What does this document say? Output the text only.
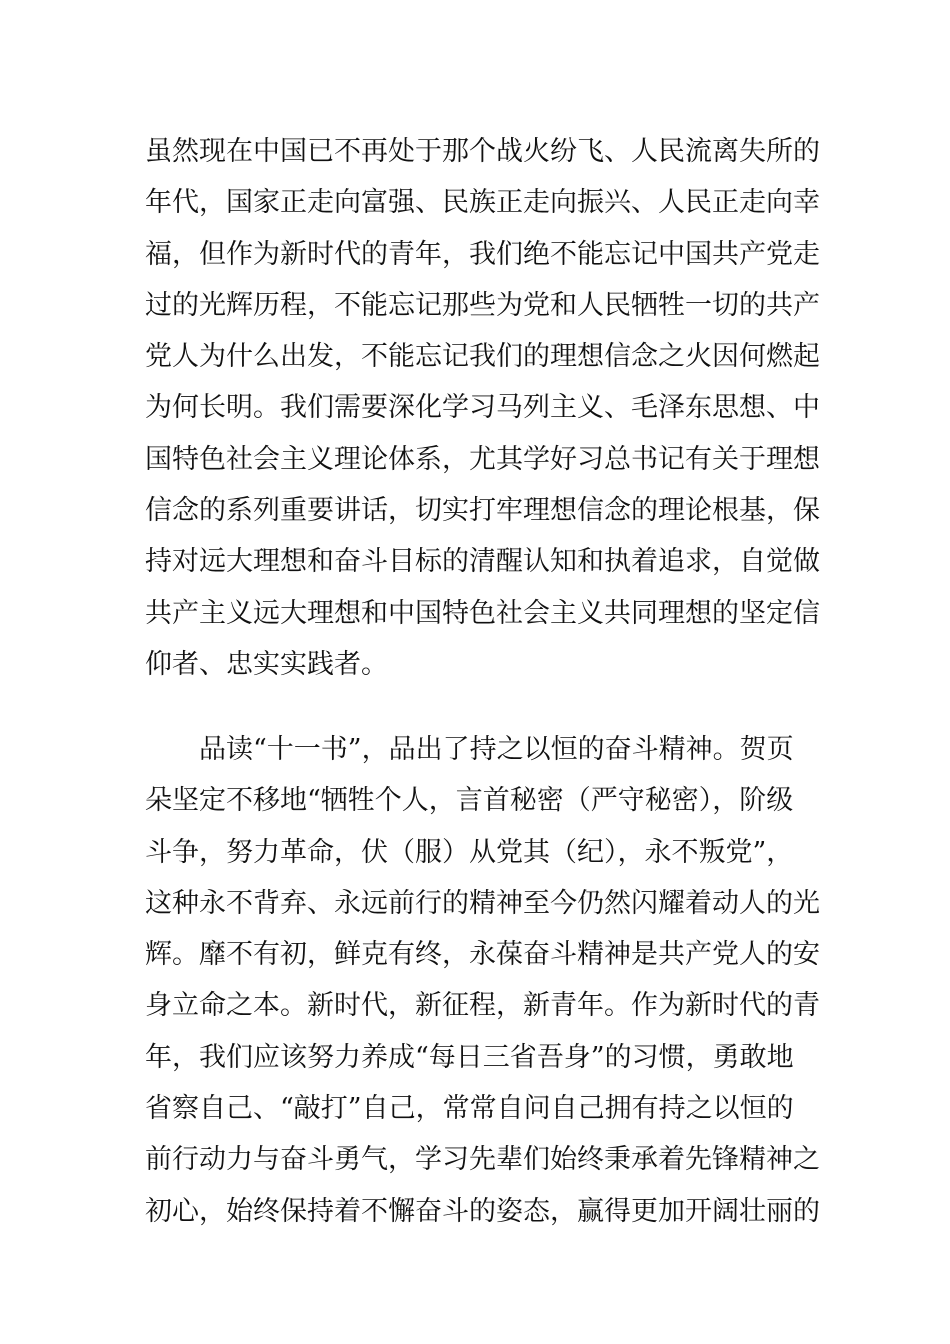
虽然现在中国已不再处于那个战火纷飞、人民流离失所的
年代，国家正走向富强、民族正走向振兴、人民正走向幸
福，但作为新时代的青年，我们绝不能忘记中国共产党走
过的光辉历程，不能忘记那些为党和人民牺牲一切的共产
党人为什么出发，不能忘记我们的理想信念之火因何燃起
为何长明。我们需要深化学习马列主义、毛泽东思想、中
国特色社会主义理论体系，尤其学好习总书记有关于理想
信念的系列重要讲话，切实打牢理想信念的理论根基，保
持对远大理想和奋斗目标的清醒认知和执着追求，自觉做
共产主义远大理想和中国特色社会主义共同理想的坚定信
仰者、忠实实践者。
品读“十一书”，品出了持之以恒的奋斗精神。贺页
朵坚定不移地“牺牲个人，言首秘密（严守秘密），阶级
斗争，努力革命，伏（服）从党其（纪），永不叛党”，
这种永不背弃、永远前行的精神至今仍然闪耀着动人的光
辉。靡不有初，鲜克有终，永葆奋斗精神是共产党人的安
身立命之本。新时代，新征程，新青年。作为新时代的青
年，我们应该努力养成“每日三省吾身”的习惯，勇敢地
省察自己、“敲打”自己，常常自问自己拥有持之以恒的
前行动力与奋斗勇气，学习先辈们始终秉承着先锋精神之
初心，始终保持着不懈奋斗的姿态，赢得更加开阔壮丽的
